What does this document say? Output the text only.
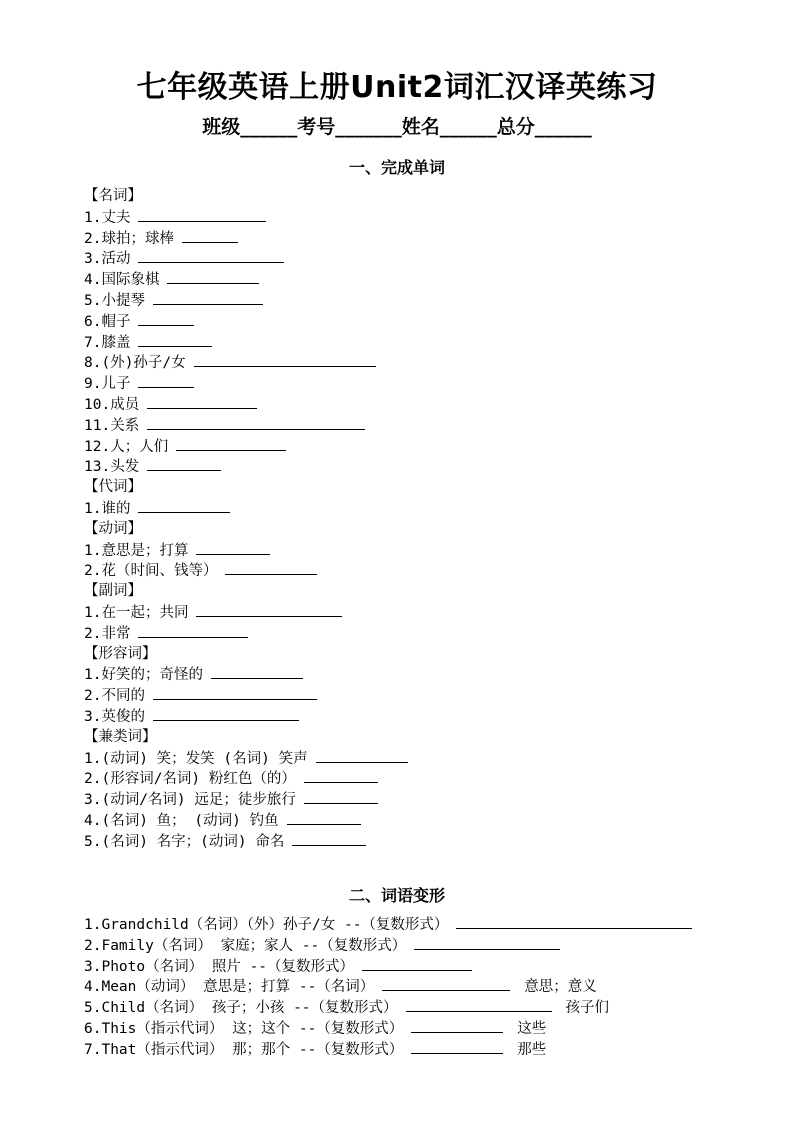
七年级英语上册Unit2词汇汉译英练习
班级______考号_______姓名______总分______
一、完成单词
【名词】
1.丈夫
2.球拍；球棒
3.活动
4.国际象棋
5.小提琴
6.帽子
7.膝盖
8.(外)孙子/女
9.儿子
10.成员
11.关系
12.人；人们
13.头发
【代词】
1.谁的
【动词】
1.意思是；打算
2.花（时间、钱等）
【副词】
1.在一起；共同
2.非常
【形容词】
1.好笑的；奇怪的
2.不同的
3.英俊的
【兼类词】
1.(动词) 笑；发笑 (名词) 笑声
2.(形容词/名词) 粉红色（的）
3.(动词/名词) 远足；徒步旅行
4.(名词) 鱼； (动词) 钓鱼
5.(名词) 名字；(动词) 命名
二、词语变形
1.Grandchild（名词）（外）孙子/女 --（复数形式）
2.Family（名词） 家庭；家人 --（复数形式）
3.Photo（名词） 照片 --（复数形式）
4.Mean（动词） 意思是；打算 --（名词）	意思；意义
5.Child（名词） 孩子；小孩 --（复数形式）	孩子们
6.This（指示代词） 这；这个 --（复数形式）	这些
7.That（指示代词） 那；那个 --（复数形式）	那些
